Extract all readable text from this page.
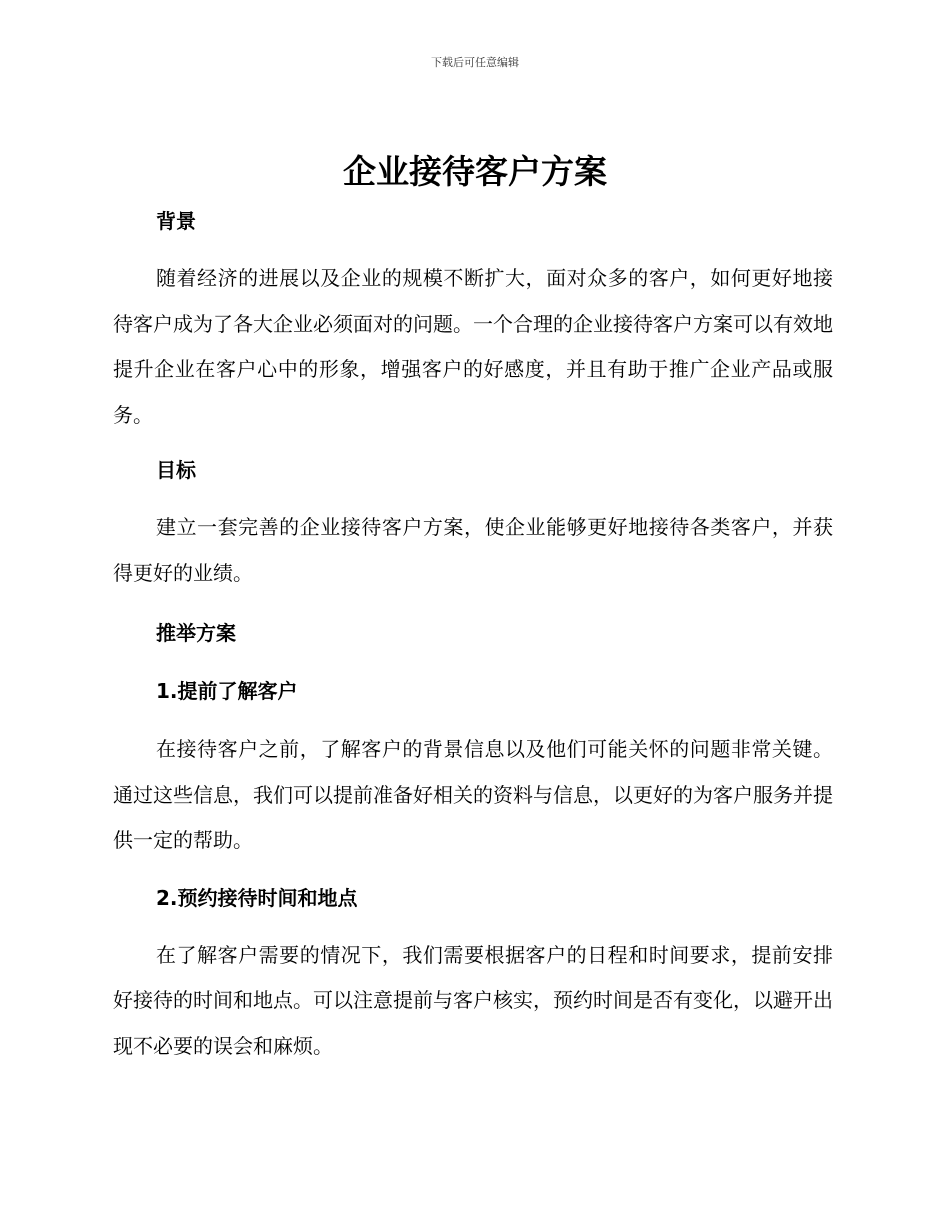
下载后可任意编辑
企业接待客户方案
背景

随着经济的进展以及企业的规模不断扩大，面对众多的客户，如何更好地接待客户成为了各大企业必须面对的问题。一个合理的企业接待客户方案可以有效地提升企业在客户心中的形象，增强客户的好感度，并且有助于推广企业产品或服务。

目标

建立一套完善的企业接待客户方案，使企业能够更好地接待各类客户，并获得更好的业绩。

推举方案
1.提前了解客户

在接待客户之前，了解客户的背景信息以及他们可能关怀的问题非常关键。通过这些信息，我们可以提前准备好相关的资料与信息，以更好的为客户服务并提供一定的帮助。

2.预约接待时间和地点

在了解客户需要的情况下，我们需要根据客户的日程和时间要求，提前安排好接待的时间和地点。可以注意提前与客户核实，预约时间是否有变化，以避开出现不必要的误会和麻烦。
